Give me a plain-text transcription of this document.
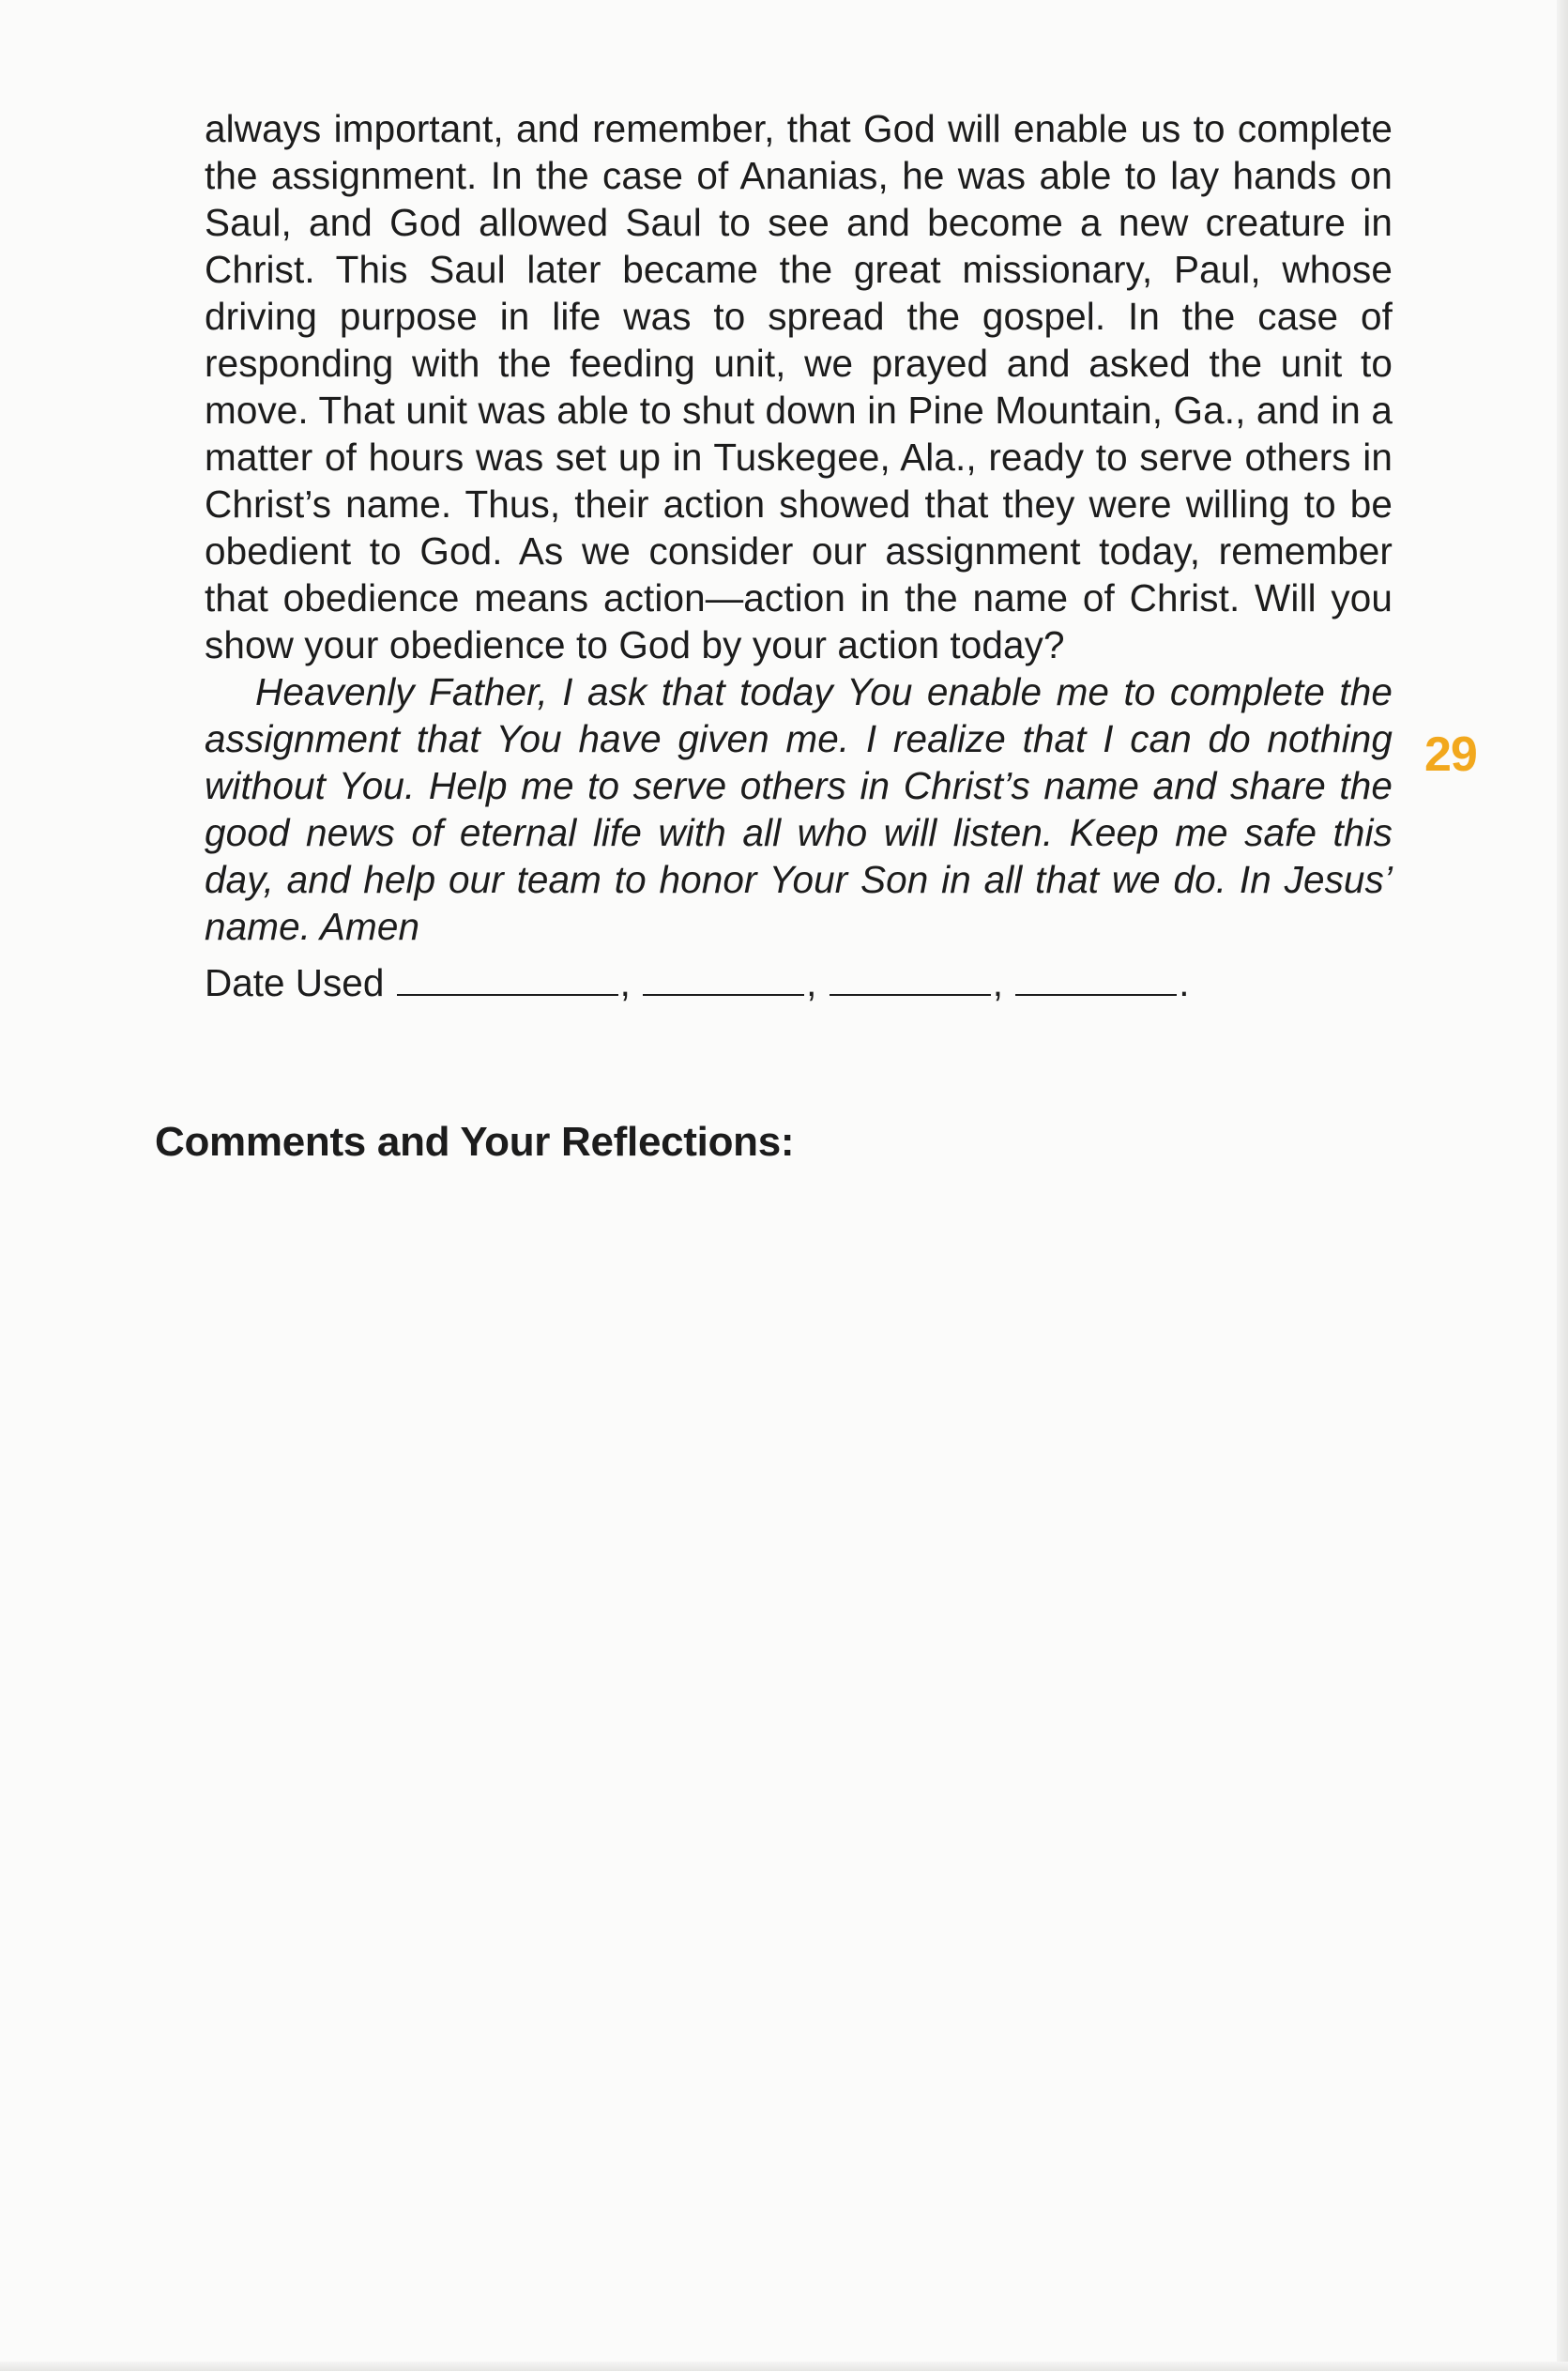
always important, and remember, that God will enable us to complete the assignment. In the case of Ananias, he was able to lay hands on Saul, and God allowed Saul to see and become a new creature in Christ. This Saul later became the great missionary, Paul, whose driving purpose in life was to spread the gospel. In the case of responding with the feeding unit, we prayed and asked the unit to move. That unit was able to shut down in Pine Mountain, Ga., and in a matter of hours was set up in Tuskegee, Ala., ready to serve others in Christ’s name. Thus, their action showed that they were willing to be obedient to God. As we consider our assignment today, remember that obedience means action—action in the name of Christ. Will you show your obedience to God by your action today?

Heavenly Father, I ask that today You enable me to complete the assignment that You have given me. I realize that I can do nothing without You. Help me to serve others in Christ’s name and share the good news of eternal life with all who will listen. Keep me safe this day, and help our team to honor Your Son in all that we do. In Jesus’ name. Amen

Date Used	,	,	,	.

Comments and Your Reflections:
29
